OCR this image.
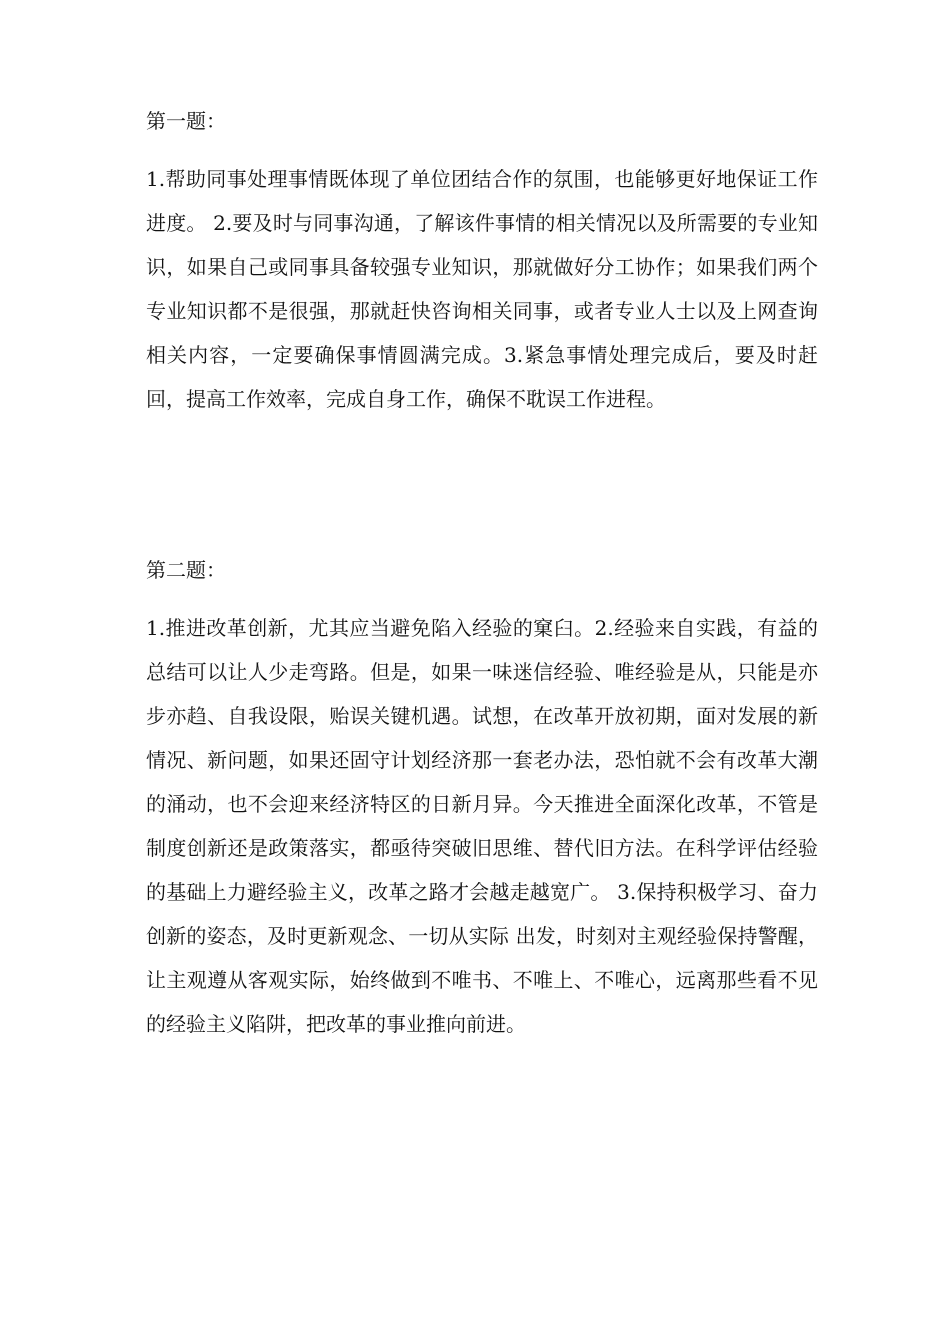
第一题：

1.帮助同事处理事情既体现了单位团结合作的氛围，也能够更好地保证工作进度。 2.要及时与同事沟通，了解该件事情的相关情况以及所需要的专业知识，如果自己或同事具备较强专业知识，那就做好分工协作；如果我们两个专业知识都不是很强，那就赶快咨询相关同事，或者专业人士以及上网查询相关内容，一定要确保事情圆满完成。3.紧急事情处理完成后，要及时赶回，提高工作效率，完成自身工作，确保不耽误工作进程。

第二题：

1.推进改革创新，尤其应当避免陷入经验的窠臼。2.经验来自实践，有益的总结可以让人少走弯路。但是，如果一味迷信经验、唯经验是从，只能是亦步亦趋、自我设限，贻误关键机遇。试想，在改革开放初期，面对发展的新情况、新问题，如果还固守计划经济那一套老办法，恐怕就不会有改革大潮的涌动，也不会迎来经济特区的日新月异。今天推进全面深化改革，不管是制度创新还是政策落实，都亟待突破旧思维、替代旧方法。在科学评估经验的基础上力避经验主义，改革之路才会越走越宽广。 3.保持积极学习、奋力创新的姿态，及时更新观念、一切从实际 出发，时刻对主观经验保持警醒，让主观遵从客观实际，始终做到不唯书、不唯上、不唯心，远离那些看不见的经验主义陷阱，把改革的事业推向前进。
